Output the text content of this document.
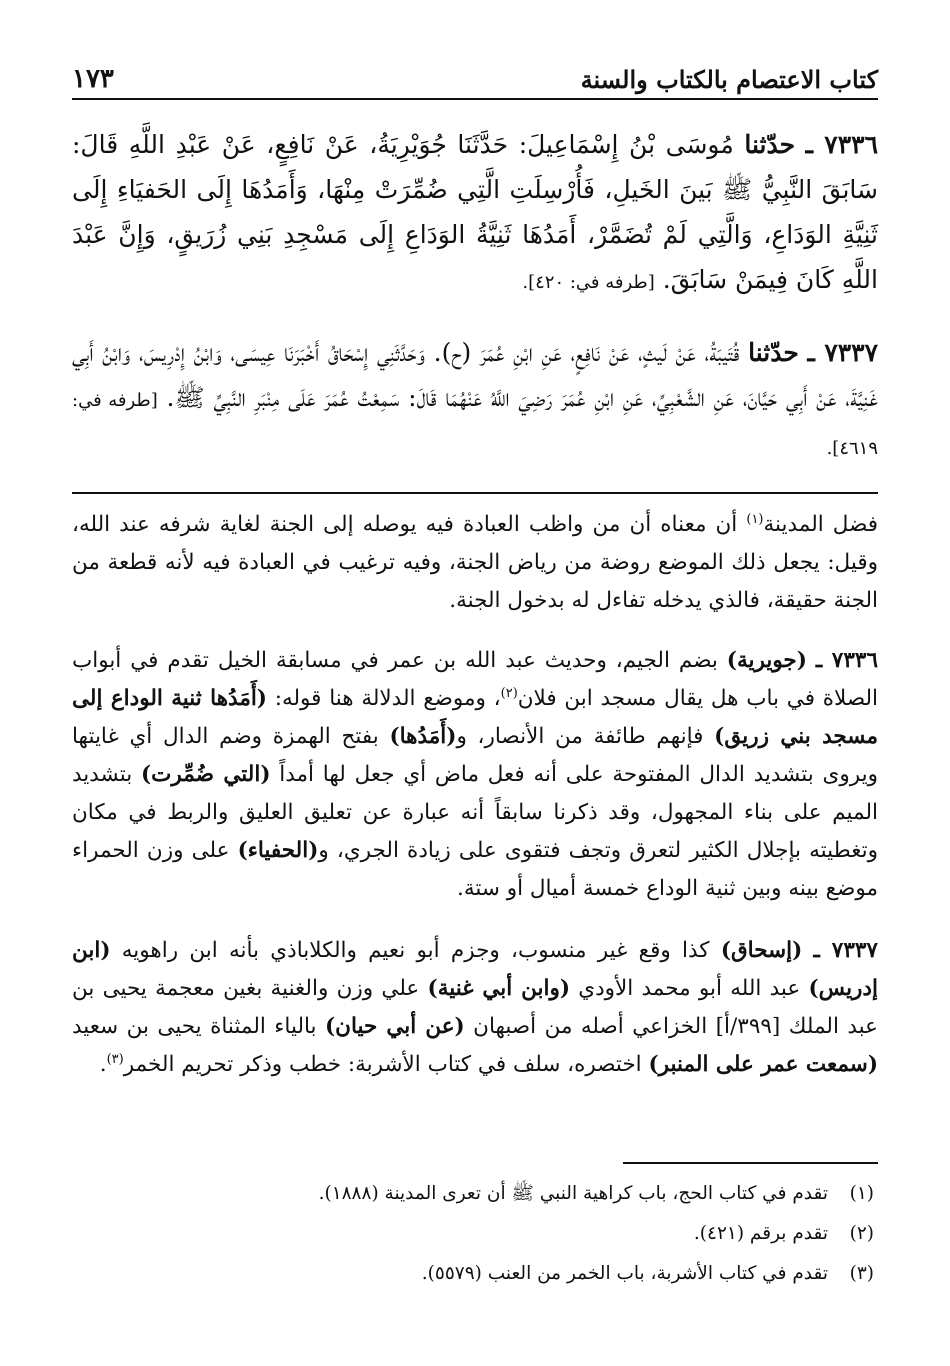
كتاب الاعتصام بالكتاب والسنة
١٧٣
٧٣٣٦ ـ حدّثنا مُوسَى بْنُ إِسْمَاعِيلَ: حَدَّثَنَا جُوَيْرِيَةُ، عَنْ نَافِعٍ، عَنْ عَبْدِ اللَّهِ قَالَ: سَابَقَ النَّبِيُّ ﷺ بَينَ الخَيلِ، فَأُرْسِلَتِ الَّتِي ضُمِّرَتْ مِنْهَا، وَأَمَدُهَا إِلَى الحَفيَاءِ إِلَى ثَنِيَّةِ الوَدَاعِ، وَالَّتِي لَمْ تُضَمَّرْ، أَمَدُهَا ثَنِيَّةُ الوَدَاعِ إِلَى مَسْجِدِ بَنِي زُرَيقٍ، وَإِنَّ عَبْدَ اللَّهِ كَانَ فِيمَنْ سَابَقَ. [طرفه في: ٤٢٠].
٧٣٣٧ ـ حدّثنا قُتَيبَةُ، عَنْ لَيثٍ، عَنْ نَافِعٍ، عَنِ ابْنِ عُمَرَ (ح). وَحَدَّثَنِي إِسْحَاقُ أَخْبَرَنَا عِيسَى، وَابْنُ إِدْرِيسَ، وَابْنُ أَبِي غَنِيَّةَ، عَنْ أَبِي حَيَّانَ، عَنِ الشَّعْبِيِّ، عَنِ ابْنِ عُمَرَ رَضِيَ اللَّهُ عَنْهُمَا قَالَ: سَمِعْتُ عُمَرَ عَلَى مِنْبَرِ النَّبِيِّ ﷺ. [طرفه في: ٤٦١٩].
فضل المدينة$^{(١)}$ أن معناه أن من واظب العبادة فيه يوصله إلى الجنة لغاية شرفه عند الله، وقيل: يجعل ذلك الموضع روضة من رياض الجنة، وفيه ترغيب في العبادة فيه لأنه قطعة من الجنة حقيقة، فالذي يدخله تفاءل له بدخول الجنة.
٧٣٣٦ ـ (جويرية) بضم الجيم، وحديث عبد الله بن عمر في مسابقة الخيل تقدم في أبواب الصلاة في باب هل يقال مسجد ابن فلان$^{(٢)}$، وموضع الدلالة هنا قوله: (أَمَدُها ثنية الوداع إلى مسجد بني زريق) فإنهم طائفة من الأنصار، و(أَمَدُها) بفتح الهمزة وضم الدال أي غايتها ويروى بتشديد الدال المفتوحة على أنه فعل ماض أي جعل لها أمداً (التي ضُمِّرت) بتشديد الميم على بناء المجهول، وقد ذكرنا سابقاً أنه عبارة عن تعليق العليق والربط في مكان وتغطيته بإجلال الكثير لتعرق وتجف فتقوى على زيادة الجري، و(الحفياء) على وزن الحمراء موضع بينه وبين ثنية الوداع خمسة أميال أو ستة.
٧٣٣٧ ـ (إسحاق) كذا وقع غير منسوب، وجزم أبو نعيم والكلاباذي بأنه ابن راهويه (ابن إدريس) عبد الله أبو محمد الأودي (وابن أبي غنية) علي وزن والغنية بغين معجمة يحيى بن عبد الملك [٣٩٩/أ] الخزاعي أصله من أصبهان (عن أبي حيان) بالياء المثناة يحيى بن سعيد (سمعت عمر على المنبر) اختصره، سلف في كتاب الأشربة: خطب وذكر تحريم الخمر$^{(٣)}$.
(١)
تقدم في كتاب الحج، باب كراهية النبي ﷺ أن تعرى المدينة (١٨٨٨).
(٢)
تقدم برقم (٤٢١).
(٣)
تقدم في كتاب الأشربة، باب الخمر من العنب (٥٥٧٩).
